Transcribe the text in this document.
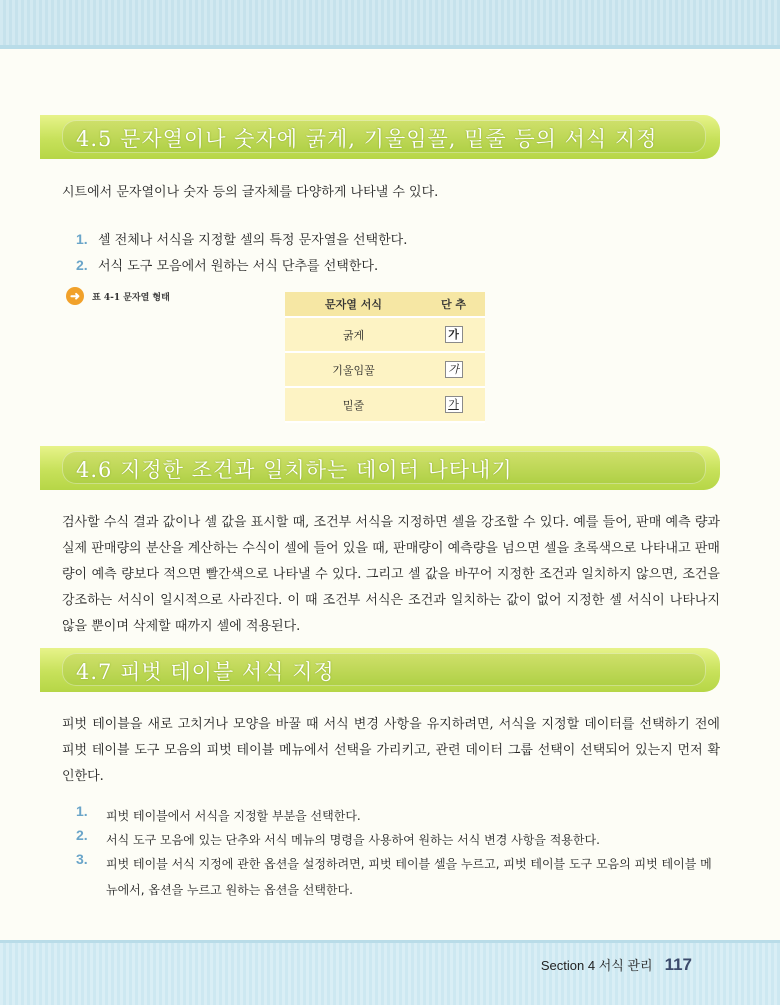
4.5 문자열이나 숫자에 굵게, 기울임꼴, 밑줄 등의 서식 지정
시트에서 문자열이나 숫자 등의 글자체를 다양하게 나타낼 수 있다.
1. 셀 전체나 서식을 지정할 셀의 특정 문자열을 선택한다.
2. 서식 도구 모음에서 원하는 서식 단추를 선택한다.
➜	표 4-1 문자열 형태
문자열 서식	단 추
굵게	가
기울임꼴	가
밑줄	가
4.6 지정한 조건과 일치하는 데이터 나타내기
검사할 수식 결과 값이나 셀 값을 표시할 때, 조건부 서식을 지정하면 셀을 강조할 수 있다. 예를 들어, 판매 예측 량과 실제 판매량의 분산을 계산하는 수식이 셀에 들어 있을 때, 판매량이 예측량을 넘으면 셀을 초록색으로 나타내고 판매량이 예측 량보다 적으면 빨간색으로 나타낼 수 있다. 그리고 셀 값을 바꾸어 지정한 조건과 일치하지 않으면, 조건을 강조하는 서식이 일시적으로 사라진다. 이 때 조건부 서식은 조건과 일치하는 값이 없어 지정한 셀 서식이 나타나지 않을 뿐이며 삭제할 때까지 셀에 적용된다.
4.7 피벗 테이블 서식 지정
피벗 테이블을 새로 고치거나 모양을 바꿀 때 서식 변경 사항을 유지하려면, 서식을 지정할 데이터를 선택하기 전에 피벗 테이블 도구 모음의 피벗 테이블 메뉴에서 선택을 가리키고, 관련 데이터 그룹 선택이 선택되어 있는지 먼저 확인한다.
1. 피벗 테이블에서 서식을 지정할 부분을 선택한다.
2. 서식 도구 모음에 있는 단추와 서식 메뉴의 명령을 사용하여 원하는 서식 변경 사항을 적용한다.
3. 피벗 테이블 서식 지정에 관한 옵션을 설정하려면, 피벗 테이블 셀을 누르고, 피벗 테이블 도구 모음의 피벗 테이블 메뉴에서, 옵션을 누르고 원하는 옵션을 선택한다.
Section 4 서식 관리 117
